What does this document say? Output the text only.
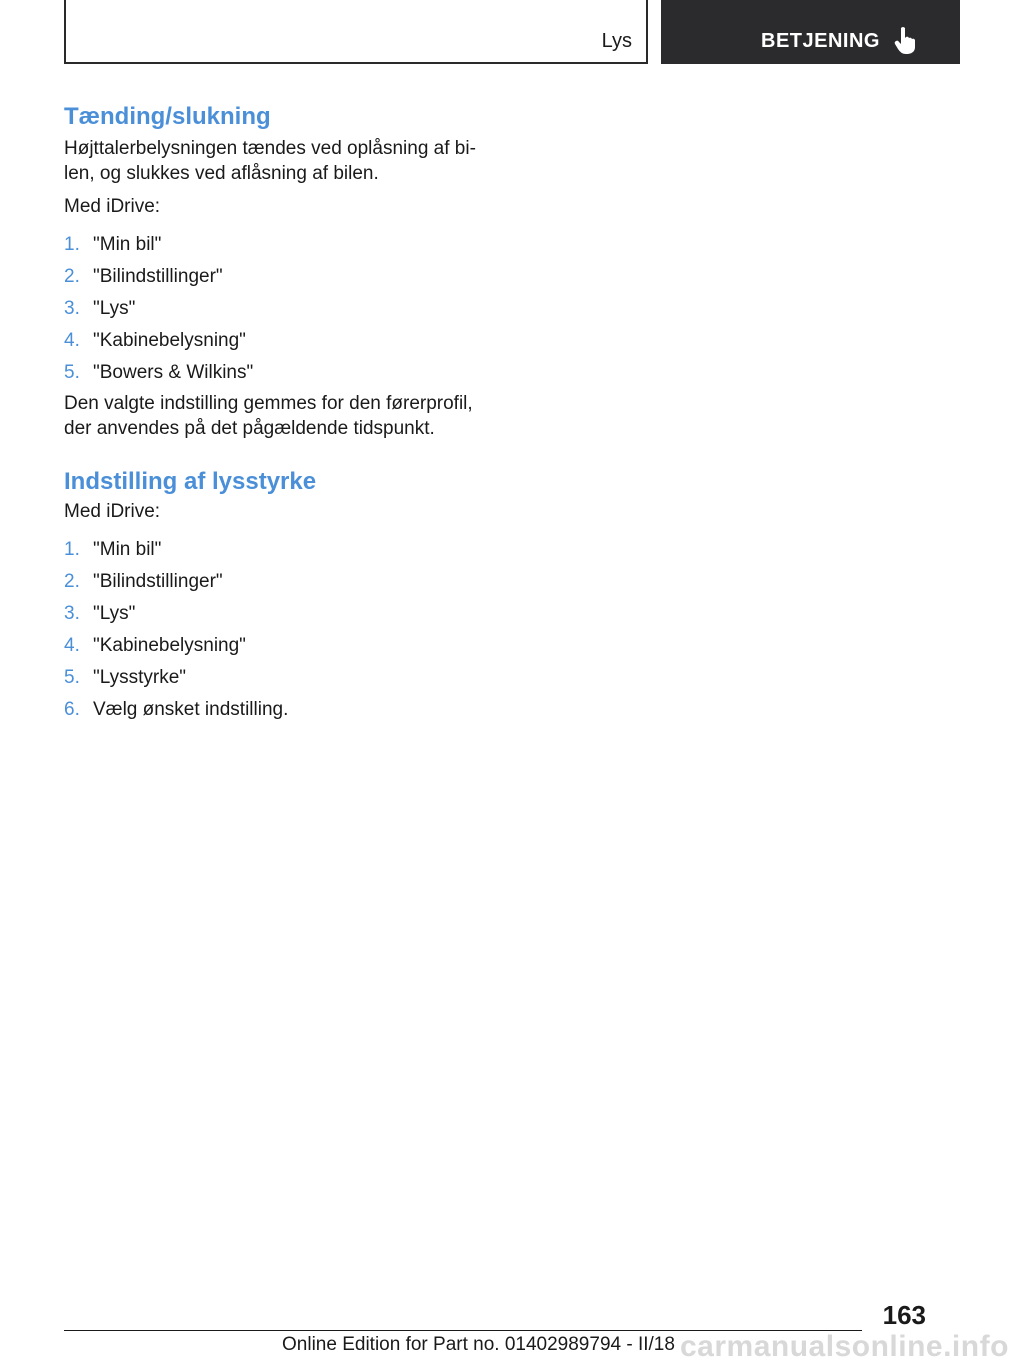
Lys	BETJENING
Tænding/slukning

Højttalerbelysningen tændes ved oplåsning af bilen, og slukkes ved aflåsning af bilen.

Med iDrive:

1. "Min bil"
2. "Bilindstillinger"
3. "Lys"
4. "Kabinebelysning"
5. "Bowers & Wilkins"

Den valgte indstilling gemmes for den førerprofil, der anvendes på det pågældende tidspunkt.

Indstilling af lysstyrke

Med iDrive:

1. "Min bil"
2. "Bilindstillinger"
3. "Lys"
4. "Kabinebelysning"
5. "Lysstyrke"
6. Vælg ønsket indstilling.
163
Online Edition for Part no. 01402989794 - II/18 carmanualsonline.info
